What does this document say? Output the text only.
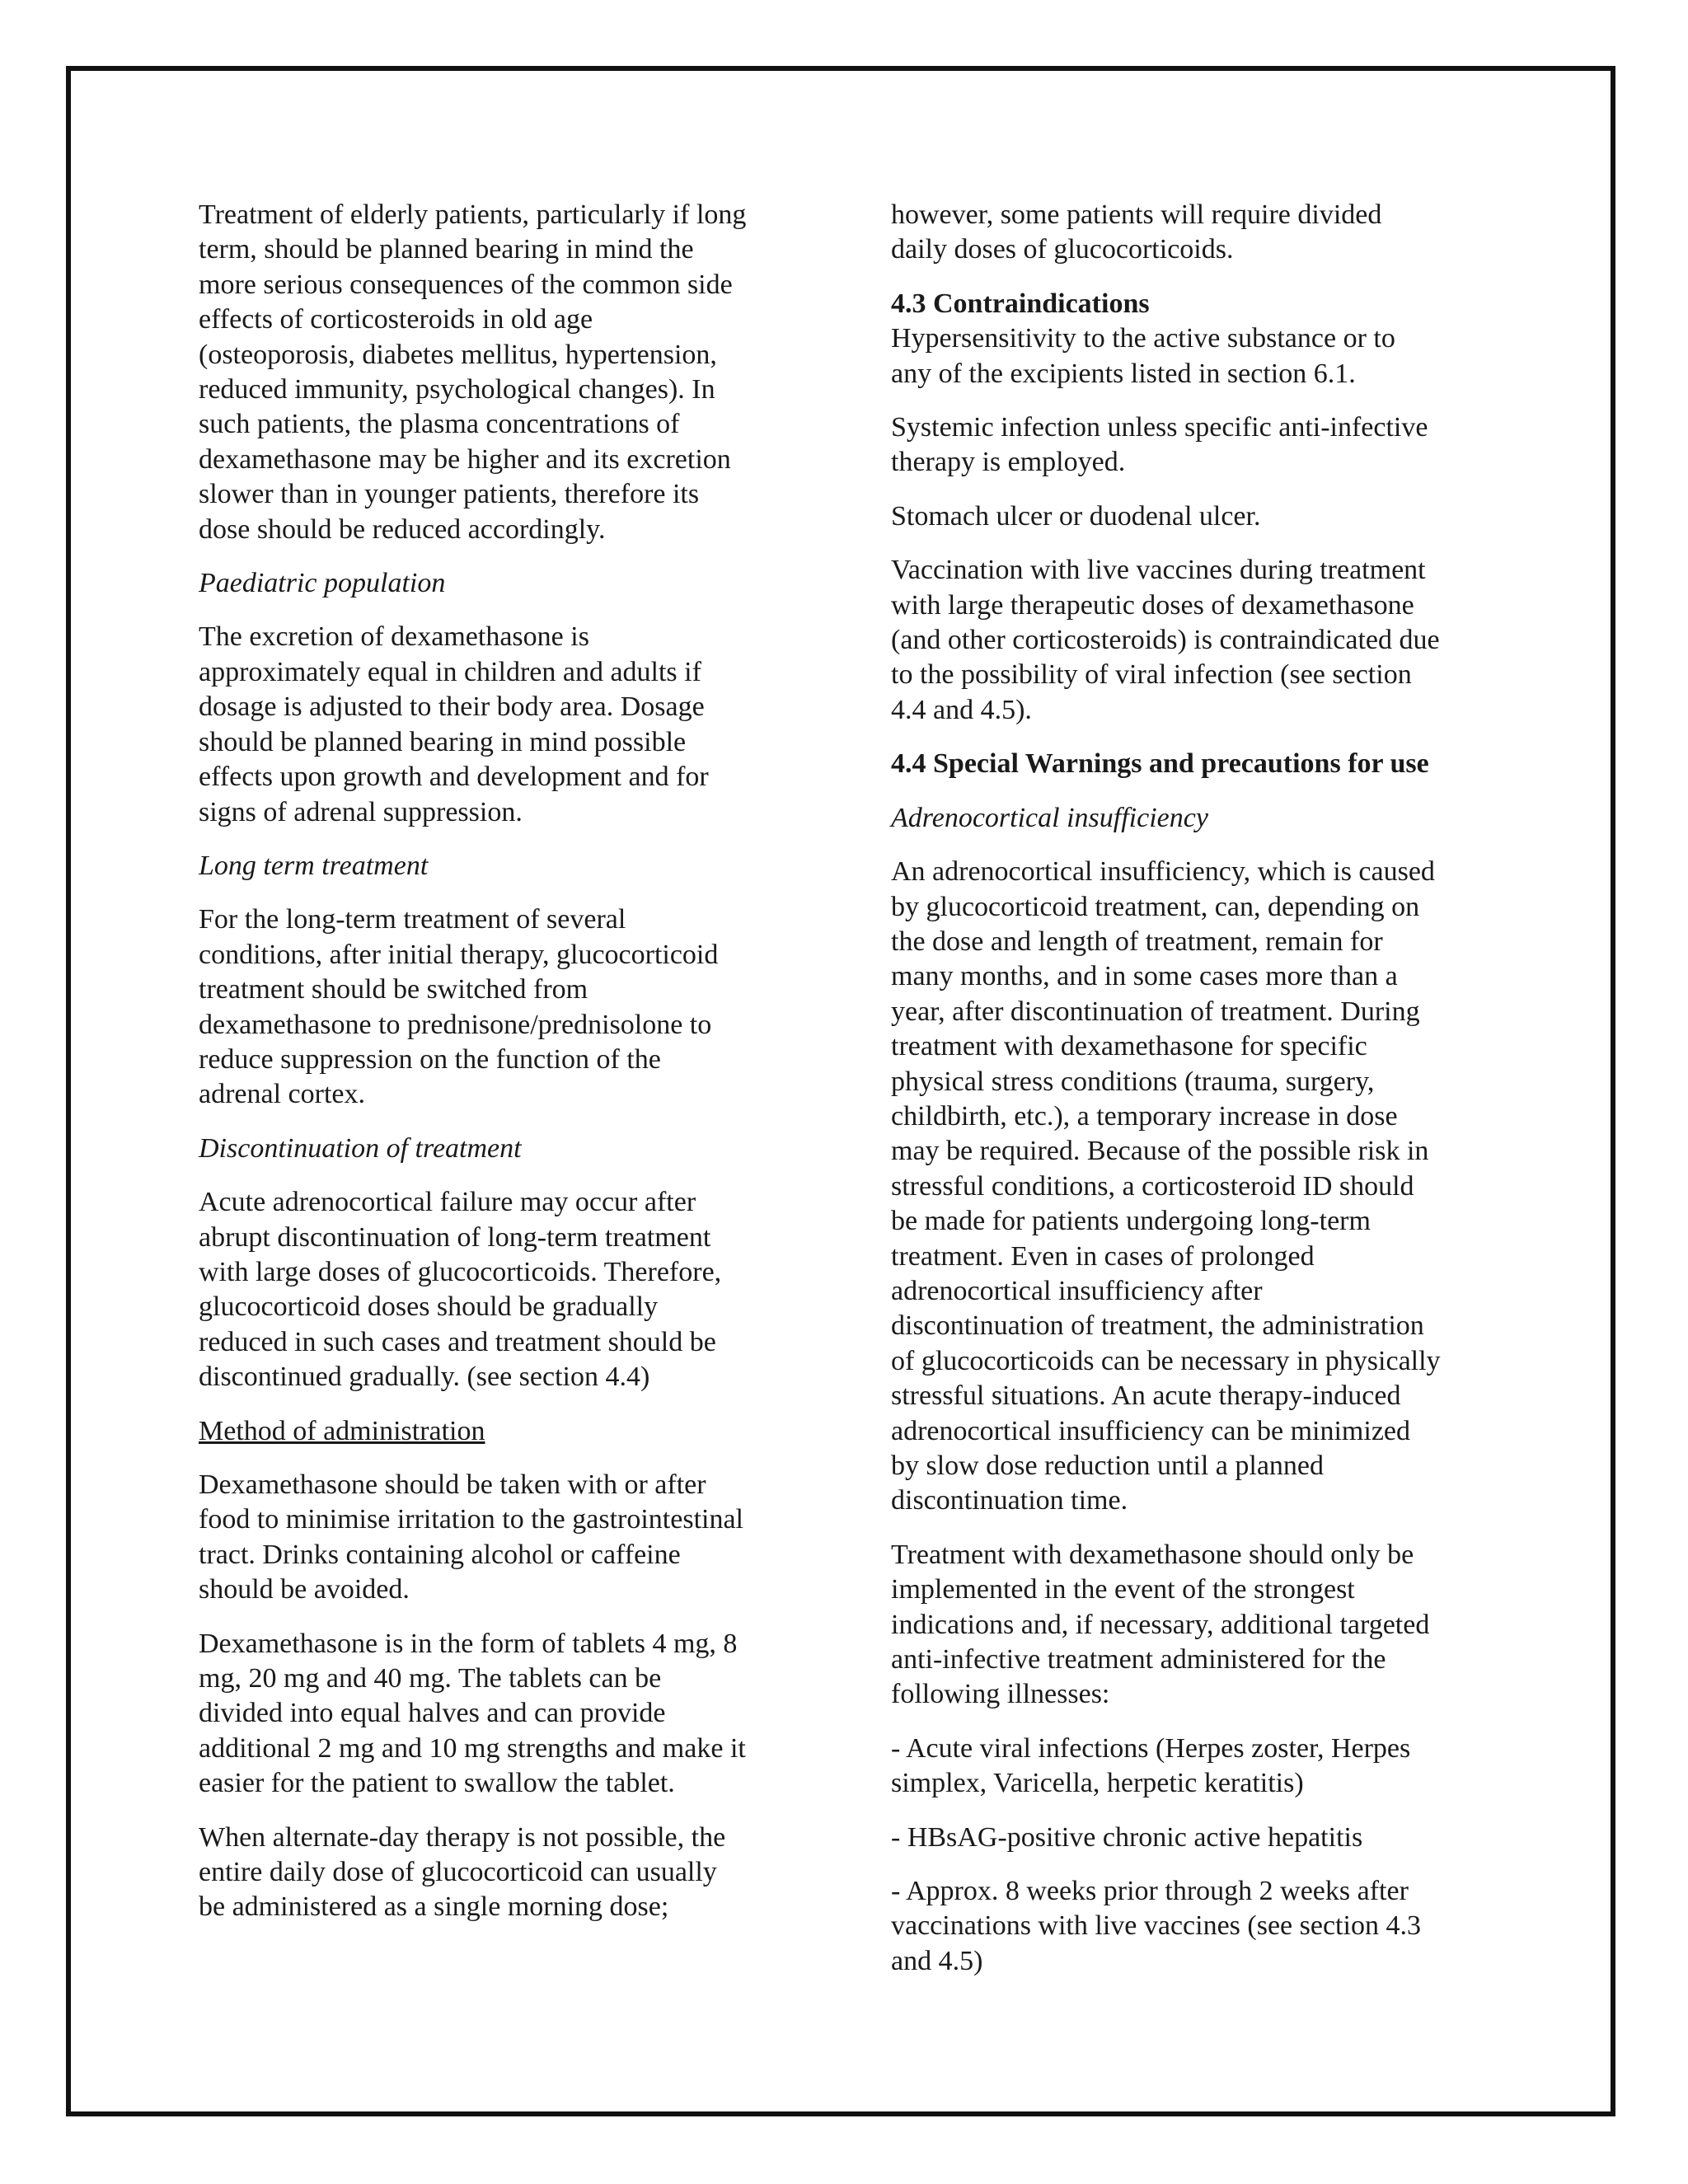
Treatment of elderly patients, particularly if long
term, should be planned bearing in mind the
more serious consequences of the common side
effects of corticosteroids in old age
(osteoporosis, diabetes mellitus, hypertension,
reduced immunity, psychological changes). In
such patients, the plasma concentrations of
dexamethasone may be higher and its excretion
slower than in younger patients, therefore its
dose should be reduced accordingly.

Paediatric population

The excretion of dexamethasone is
approximately equal in children and adults if
dosage is adjusted to their body area. Dosage
should be planned bearing in mind possible
effects upon growth and development and for
signs of adrenal suppression.

Long term treatment

For the long-term treatment of several
conditions, after initial therapy, glucocorticoid
treatment should be switched from
dexamethasone to prednisone/prednisolone to
reduce suppression on the function of the
adrenal cortex.

Discontinuation of treatment

Acute adrenocortical failure may occur after
abrupt discontinuation of long-term treatment
with large doses of glucocorticoids. Therefore,
glucocorticoid doses should be gradually
reduced in such cases and treatment should be
discontinued gradually. (see section 4.4)

Method of administration

Dexamethasone should be taken with or after
food to minimise irritation to the gastrointestinal
tract. Drinks containing alcohol or caffeine
should be avoided.

Dexamethasone is in the form of tablets 4 mg, 8
mg, 20 mg and 40 mg. The tablets can be
divided into equal halves and can provide
additional 2 mg and 10 mg strengths and make it
easier for the patient to swallow the tablet.

When alternate-day therapy is not possible, the
entire daily dose of glucocorticoid can usually
be administered as a single morning dose;

however, some patients will require divided
daily doses of glucocorticoids.

4.3 Contraindications

Hypersensitivity to the active substance or to
any of the excipients listed in section 6.1.

Systemic infection unless specific anti-infective
therapy is employed.

Stomach ulcer or duodenal ulcer.

Vaccination with live vaccines during treatment
with large therapeutic doses of dexamethasone
(and other corticosteroids) is contraindicated due
to the possibility of viral infection (see section
4.4 and 4.5).

4.4 Special Warnings and precautions for use

Adrenocortical insufficiency

An adrenocortical insufficiency, which is caused
by glucocorticoid treatment, can, depending on
the dose and length of treatment, remain for
many months, and in some cases more than a
year, after discontinuation of treatment. During
treatment with dexamethasone for specific
physical stress conditions (trauma, surgery,
childbirth, etc.), a temporary increase in dose
may be required. Because of the possible risk in
stressful conditions, a corticosteroid ID should
be made for patients undergoing long-term
treatment. Even in cases of prolonged
adrenocortical insufficiency after
discontinuation of treatment, the administration
of glucocorticoids can be necessary in physically
stressful situations. An acute therapy-induced
adrenocortical insufficiency can be minimized
by slow dose reduction until a planned
discontinuation time.

Treatment with dexamethasone should only be
implemented in the event of the strongest
indications and, if necessary, additional targeted
anti-infective treatment administered for the
following illnesses:

- Acute viral infections (Herpes zoster, Herpes
simplex, Varicella, herpetic keratitis)

- HBsAG-positive chronic active hepatitis

- Approx. 8 weeks prior through 2 weeks after
vaccinations with live vaccines (see section 4.3
and 4.5)
